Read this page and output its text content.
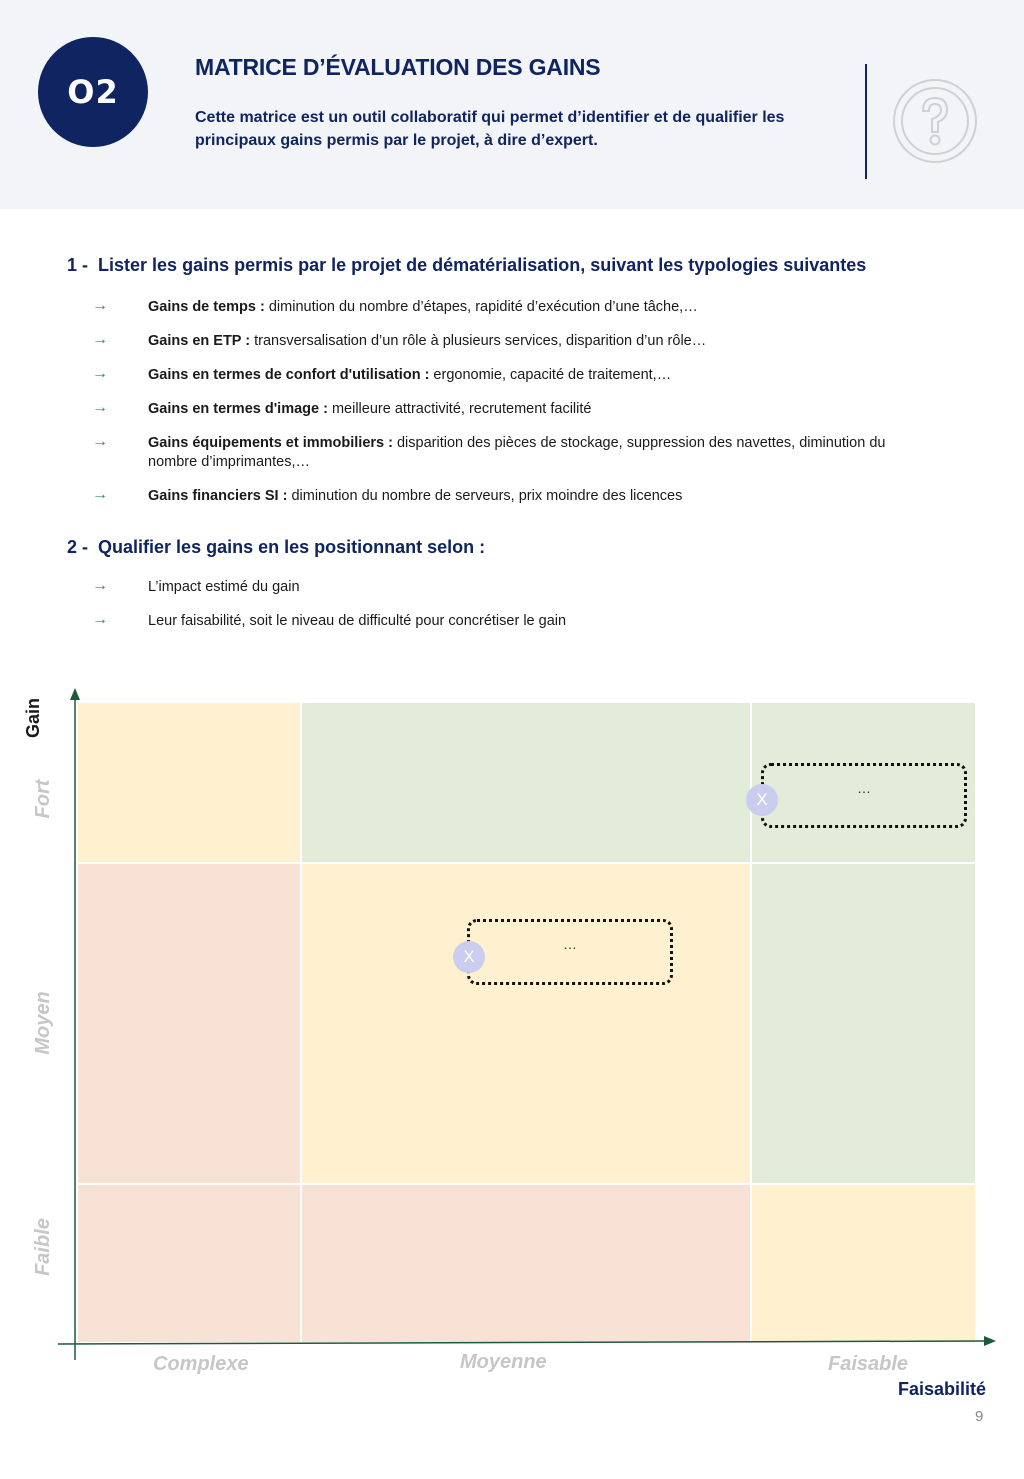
O2
MATRICE D’ÉVALUATION DES GAINS
Cette matrice est un outil collaboratif qui permet d’identifier et de qualifier les principaux gains permis par le projet, à dire d’expert.
1 - Lister les gains permis par le projet de dématérialisation, suivant les typologies suivantes
→	Gains de temps : diminution du nombre d’étapes, rapidité d’exécution d’une tâche,…
→	Gains en ETP : transversalisation d’un rôle à plusieurs services, disparition d’un rôle…
→	Gains en termes de confort d'utilisation : ergonomie, capacité de traitement,…
→	Gains en termes d'image : meilleure attractivité, recrutement facilité
→	Gains équipements et immobiliers : disparition des pièces de stockage, suppression des navettes, diminution du nombre d’imprimantes,…
→	Gains financiers SI : diminution du nombre de serveurs, prix moindre des licences
2 - Qualifier les gains en les positionnant selon :
→	L’impact estimé du gain
→	Leur faisabilité, soit le niveau de difficulté pour concrétiser le gain
Gain
Fort
Moyen
Faible
Complexe	Moyenne	Faisable
Faisabilité
…
X
…
X
9
